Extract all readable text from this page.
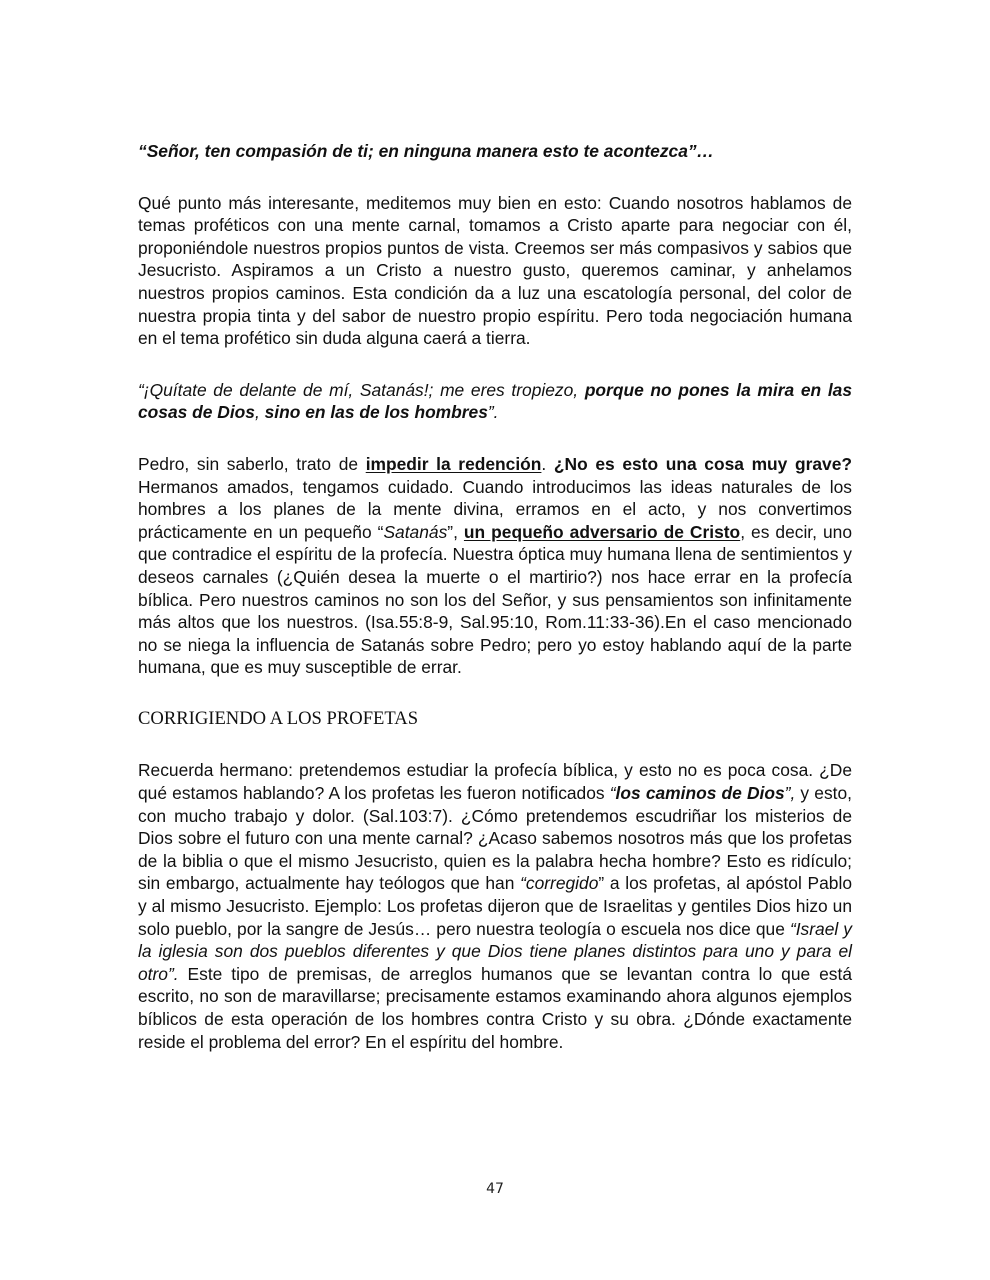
“Señor, ten compasión de ti; en ninguna manera esto te acontezca”…

Qué punto más interesante, meditemos muy bien en esto: Cuando nosotros hablamos de temas proféticos con una mente carnal, tomamos a Cristo aparte para negociar con él, proponiéndole nuestros propios puntos de vista. Creemos ser más compasivos y sabios que Jesucristo. Aspiramos a un Cristo a nuestro gusto, queremos caminar, y anhelamos nuestros propios caminos. Esta condición da a luz una escatología personal, del color de nuestra propia tinta y del sabor de nuestro propio espíritu. Pero toda negociación humana en el tema profético sin duda alguna caerá a tierra.

“¡Quítate de delante de mí, Satanás!; me eres tropiezo, porque no pones la mira en las cosas de Dios, sino en las de los hombres”.

Pedro, sin saberlo, trato de impedir la redención. ¿No es esto una cosa muy grave? Hermanos amados, tengamos cuidado. Cuando introducimos las ideas naturales de los hombres a los planes de la mente divina, erramos en el acto, y nos convertimos prácticamente en un pequeño “Satanás”, un pequeño adversario de Cristo, es decir, uno que contradice el espíritu de la profecía. Nuestra óptica muy humana llena de sentimientos y deseos carnales (¿Quién desea la muerte o el martirio?) nos hace errar en la profecía bíblica. Pero nuestros caminos no son los del Señor, y sus pensamientos son infinitamente más altos que los nuestros. (Isa.55:8-9, Sal.95:10, Rom.11:33-36).En el caso mencionado no se niega la influencia de Satanás sobre Pedro; pero yo estoy hablando aquí de la parte humana, que es muy susceptible de errar.

CORRIGIENDO A LOS PROFETAS

Recuerda hermano: pretendemos estudiar la profecía bíblica, y esto no es poca cosa. ¿De qué estamos hablando? A los profetas les fueron notificados “los caminos de Dios”, y esto, con mucho trabajo y dolor. (Sal.103:7). ¿Cómo pretendemos escudriñar los misterios de Dios sobre el futuro con una mente carnal? ¿Acaso sabemos nosotros más que los profetas de la biblia o que el mismo Jesucristo, quien es la palabra hecha hombre? Esto es ridículo; sin embargo, actualmente hay teólogos que han “corregido” a los profetas, al apóstol Pablo y al mismo Jesucristo. Ejemplo: Los profetas dijeron que de Israelitas y gentiles Dios hizo un solo pueblo, por la sangre de Jesús… pero nuestra teología o escuela nos dice que “Israel y la iglesia son dos pueblos diferentes y que Dios tiene planes distintos para uno y para el otro”. Este tipo de premisas, de arreglos humanos que se levantan contra lo que está escrito, no son de maravillarse; precisamente estamos examinando ahora algunos ejemplos bíblicos de esta operación de los hombres contra Cristo y su obra. ¿Dónde exactamente reside el problema del error? En el espíritu del hombre.

47
